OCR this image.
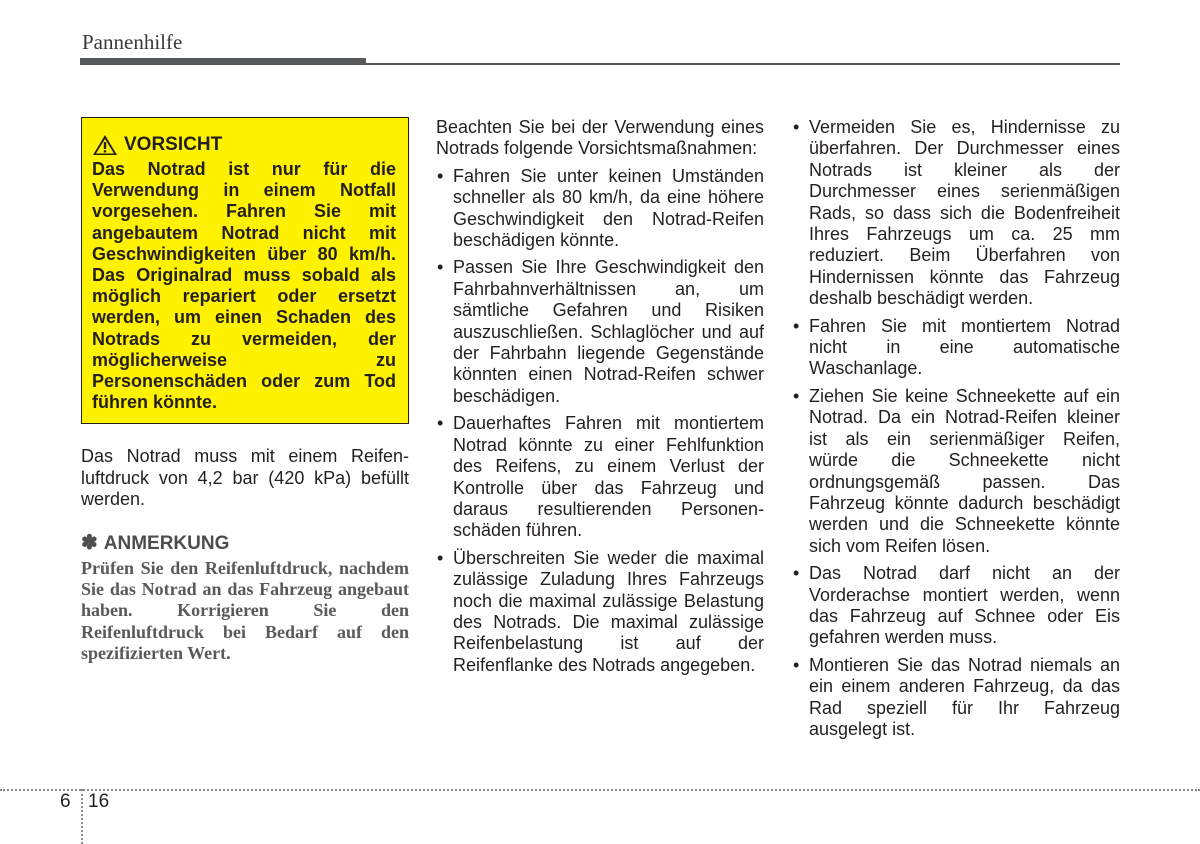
Pannenhilfe
VORSICHT
Das Notrad ist nur für die Verwendung in einem Notfall vorgesehen. Fahren Sie mit angebautem Notrad nicht mit Geschwindigkeiten über 80 km/h. Das Originalrad muss sobald als möglich repariert oder ersetzt werden, um einen Schaden des Notrads zu vermeiden, der möglicherweise zu Personenschäden oder zum Tod führen könnte.

Das Notrad muss mit einem Reifenluftdruck von 4,2 bar (420 kPa) befüllt werden.

✽ ANMERKUNG
Prüfen Sie den Reifenluftdruck, nachdem Sie das Notrad an das Fahrzeug angebaut haben. Korrigieren Sie den Reifenluftdruck bei Bedarf auf den spezifizierten Wert.

Beachten Sie bei der Verwendung eines Notrads folgende Vorsichtsmaßnahmen:

• Fahren Sie unter keinen Umständen schneller als 80 km/h, da eine höhere Geschwindigkeit den Notrad-Reifen beschädigen könnte.
• Passen Sie Ihre Geschwindigkeit den Fahrbahnverhältnissen an, um sämtliche Gefahren und Risiken auszuschließen. Schlaglöcher und auf der Fahrbahn liegende Gegenstände könnten einen Notrad-Reifen schwer beschädigen.
• Dauerhaftes Fahren mit montiertem Notrad könnte zu einer Fehlfunktion des Reifens, zu einem Verlust der Kontrolle über das Fahrzeug und daraus resultierenden Personenschäden führen.
• Überschreiten Sie weder die maximal zulässige Zuladung Ihres Fahrzeugs noch die maximal zulässige Belastung des Notrads. Die maximal zulässige Reifenbelastung ist auf der Reifenflanke des Notrads angegeben.
• Vermeiden Sie es, Hindernisse zu überfahren. Der Durchmesser eines Notrads ist kleiner als der Durchmesser eines serienmäßigen Rads, so dass sich die Bodenfreiheit Ihres Fahrzeugs um ca. 25 mm reduziert. Beim Überfahren von Hindernissen könnte das Fahrzeug deshalb beschädigt werden.
• Fahren Sie mit montiertem Notrad nicht in eine automatische Waschanlage.
• Ziehen Sie keine Schneekette auf ein Notrad. Da ein Notrad-Reifen kleiner ist als ein serienmäßiger Reifen, würde die Schneekette nicht ordnungsgemäß passen. Das Fahrzeug könnte dadurch beschädigt werden und die Schneekette könnte sich vom Reifen lösen.
• Das Notrad darf nicht an der Vorderachse montiert werden, wenn das Fahrzeug auf Schnee oder Eis gefahren werden muss.
• Montieren Sie das Notrad niemals an ein einem anderen Fahrzeug, da das Rad speziell für Ihr Fahrzeug ausgelegt ist.
6 16
